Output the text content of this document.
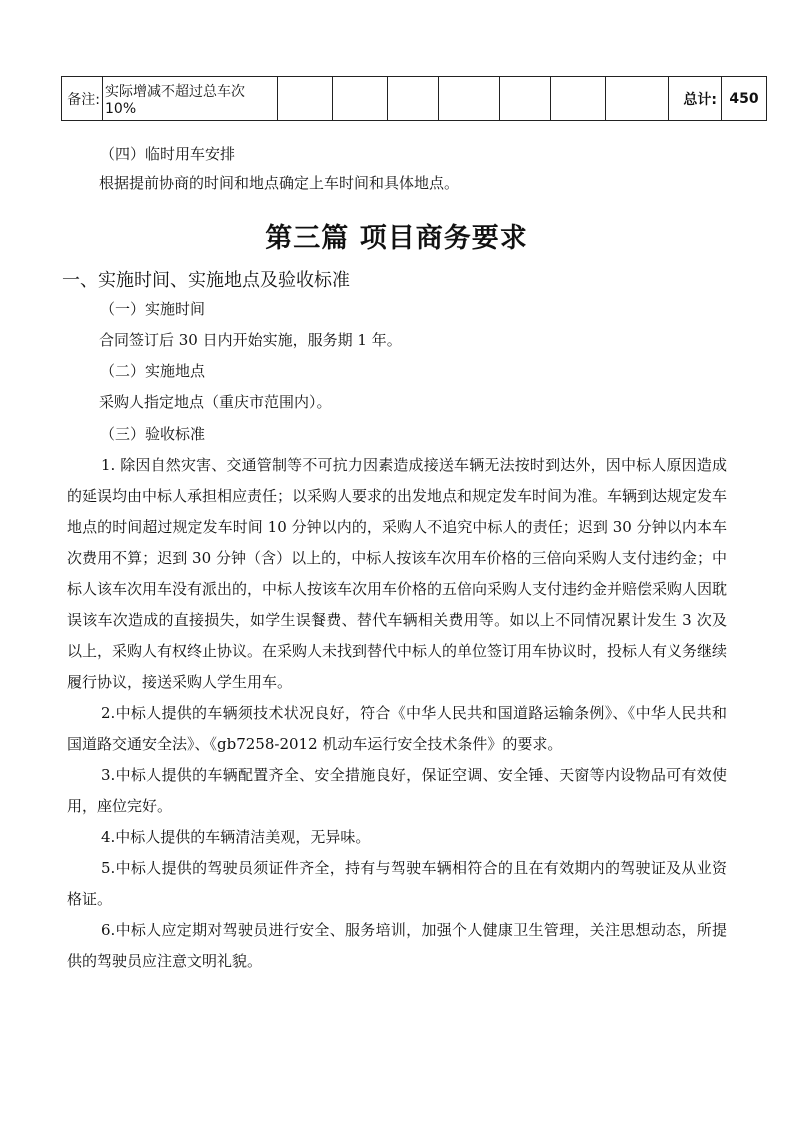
备注:	实际增减不超过总车次 10%								总计:	450
（四）临时用车安排
根据提前协商的时间和地点确定上车时间和具体地点。
第三篇 项目商务要求
一、实施时间、实施地点及验收标准
（一）实施时间
合同签订后 30 日内开始实施，服务期 1 年。
（二）实施地点
采购人指定地点（重庆市范围内）。
（三）验收标准
1. 除因自然灾害、交通管制等不可抗力因素造成接送车辆无法按时到达外，因中标人原因造成的延误均由中标人承担相应责任；以采购人要求的出发地点和规定发车时间为准。车辆到达规定发车地点的时间超过规定发车时间 10 分钟以内的，采购人不追究中标人的责任；迟到 30 分钟以内本车次费用不算；迟到 30 分钟（含）以上的，中标人按该车次用车价格的三倍向采购人支付违约金；中标人该车次用车没有派出的，中标人按该车次用车价格的五倍向采购人支付违约金并赔偿采购人因耽误该车次造成的直接损失，如学生误餐费、替代车辆相关费用等。如以上不同情况累计发生 3 次及以上，采购人有权终止协议。在采购人未找到替代中标人的单位签订用车协议时，投标人有义务继续履行协议，接送采购人学生用车。
2.中标人提供的车辆须技术状况良好，符合《中华人民共和国道路运输条例》、《中华人民共和国道路交通安全法》、《gb7258-2012 机动车运行安全技术条件》的要求。
3.中标人提供的车辆配置齐全、安全措施良好，保证空调、安全锤、天窗等内设物品可有效使用，座位完好。
4.中标人提供的车辆清洁美观，无异味。
5.中标人提供的驾驶员须证件齐全，持有与驾驶车辆相符合的且在有效期内的驾驶证及从业资格证。
6.中标人应定期对驾驶员进行安全、服务培训，加强个人健康卫生管理，关注思想动态，所提供的驾驶员应注意文明礼貌。
